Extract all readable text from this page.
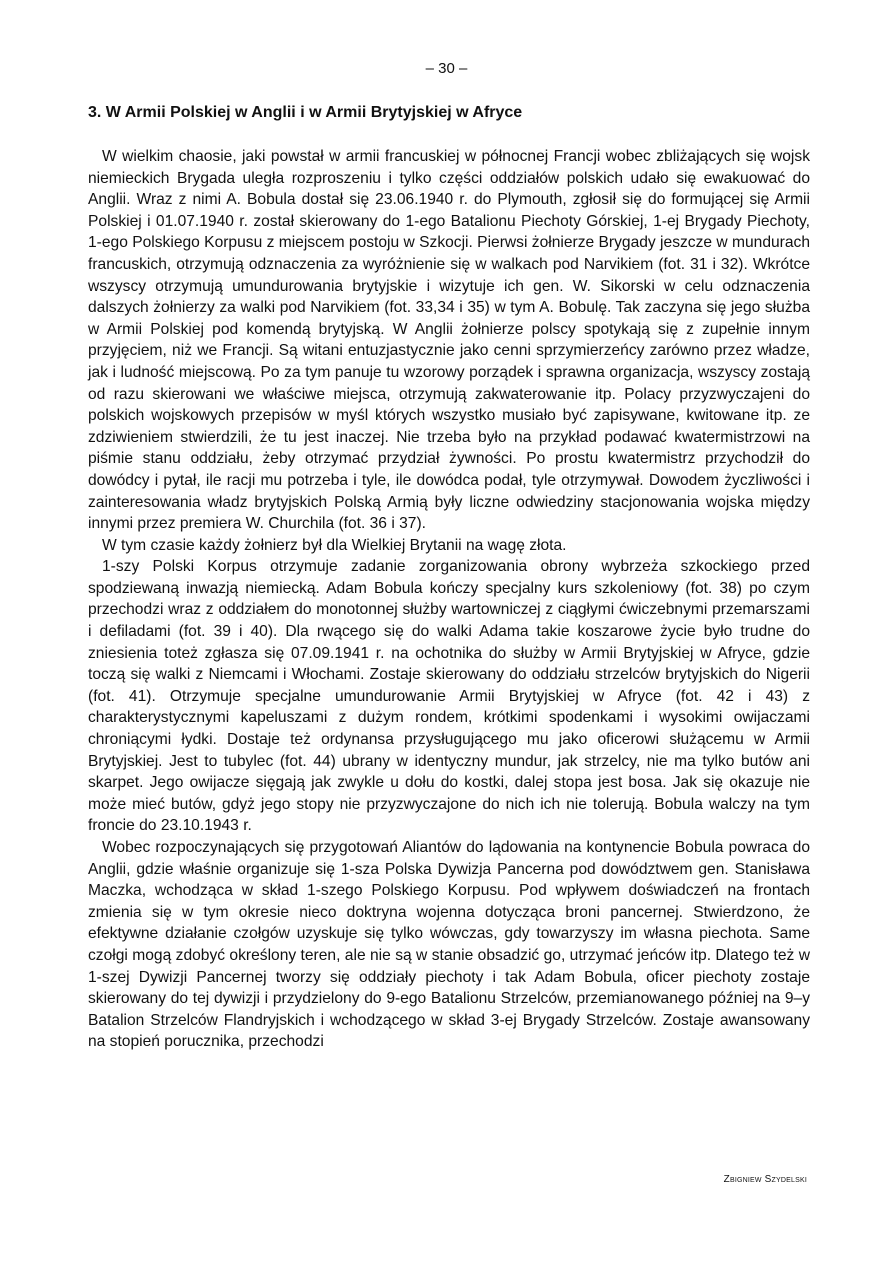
– 30 –
3. W Armii Polskiej w Anglii i w Armii Brytyjskiej w Afryce

W wielkim chaosie, jaki powstał w armii francuskiej w północnej Francji wobec zbliżających się wojsk niemieckich Brygada uległa rozproszeniu i tylko części oddziałów polskich udało się ewakuować do Anglii. Wraz z nimi A. Bobula dostał się 23.06.1940 r. do Plymouth, zgłosił się do formującej się Armii Polskiej i 01.07.1940 r. został skierowany do 1-ego Batalionu Piechoty Górskiej, 1-ej Brygady Piechoty, 1-ego Polskiego Korpusu z miejscem postoju w Szkocji. Pierwsi żołnierze Brygady jeszcze w mundurach francuskich, otrzymują odznaczenia za wyróżnienie się w walkach pod Narvikiem (fot. 31 i 32). Wkrótce wszyscy otrzymują umundurowania brytyjskie i wizytuje ich gen. W. Sikorski w celu odznaczenia dalszych żołnierzy za walki pod Narvikiem (fot. 33,34 i 35) w tym A. Bobulę. Tak zaczyna się jego służba w Armii Polskiej pod komendą brytyjską. W Anglii żołnierze polscy spotykają się z zupełnie innym przyjęciem, niż we Francji. Są witani entuzjastycznie jako cenni sprzymierzeńcy zarówno przez władze, jak i ludność miejscową. Po za tym panuje tu wzorowy porządek i sprawna organizacja, wszyscy zostają od razu skierowani we właściwe miejsca, otrzymują zakwaterowanie itp. Polacy przyzwyczajeni do polskich wojskowych przepisów w myśl których wszystko musiało być zapisywane, kwitowane itp. ze zdziwieniem stwierdzili, że tu jest inaczej. Nie trzeba było na przykład podawać kwatermistrzowi na piśmie stanu oddziału, żeby otrzymać przydział żywności. Po prostu kwatermistrz przychodził do dowódcy i pytał, ile racji mu potrzeba i tyle, ile dowódca podał, tyle otrzymywał. Dowodem życzliwości i zainteresowania władz brytyjskich Polską Armią były liczne odwiedziny stacjonowania wojska między innymi przez premiera W. Churchila (fot. 36 i 37).

W tym czasie każdy żołnierz był dla Wielkiej Brytanii na wagę złota.

1-szy Polski Korpus otrzymuje zadanie zorganizowania obrony wybrzeża szkockiego przed spodziewaną inwazją niemiecką. Adam Bobula kończy specjalny kurs szkoleniowy (fot. 38) po czym przechodzi wraz z oddziałem do monotonnej służby wartowniczej z ciągłymi ćwiczebnymi przemarszami i defiladami (fot. 39 i 40). Dla rwącego się do walki Adama takie koszarowe życie było trudne do zniesienia toteż zgłasza się 07.09.1941 r. na ochotnika do służby w Armii Brytyjskiej w Afryce, gdzie toczą się walki z Niemcami i Włochami. Zostaje skierowany do oddziału strzelców brytyjskich do Nigerii (fot. 41). Otrzymuje specjalne umundurowanie Armii Brytyjskiej w Afryce (fot. 42 i 43) z charakterystycznymi kapeluszami z dużym rondem, krótkimi spodenkami i wysokimi owijaczami chroniącymi łydki. Dostaje też ordynansa przysługującego mu jako oficerowi służącemu w Armii Brytyjskiej. Jest to tubylec (fot. 44) ubrany w identyczny mundur, jak strzelcy, nie ma tylko butów ani skarpet. Jego owijacze sięgają jak zwykle u dołu do kostki, dalej stopa jest bosa. Jak się okazuje nie może mieć butów, gdyż jego stopy nie przyzwyczajone do nich ich nie tolerują. Bobula walczy na tym froncie do 23.10.1943 r.

Wobec rozpoczynających się przygotowań Aliantów do lądowania na kontynencie Bobula powraca do Anglii, gdzie właśnie organizuje się 1-sza Polska Dywizja Pancerna pod dowództwem gen. Stanisława Maczka, wchodząca w skład 1-szego Polskiego Korpusu. Pod wpływem doświadczeń na frontach zmienia się w tym okresie nieco doktryna wojenna dotycząca broni pancernej. Stwierdzono, że efektywne działanie czołgów uzyskuje się tylko wówczas, gdy towarzyszy im własna piechota. Same czołgi mogą zdobyć określony teren, ale nie są w stanie obsadzić go, utrzymać jeńców itp. Dlatego też w 1-szej Dywizji Pancernej tworzy się oddziały piechoty i tak Adam Bobula, oficer piechoty zostaje skierowany do tej dywizji i przydzielony do 9-ego Batalionu Strzelców, przemianowanego później na 9–y Batalion Strzelców Flandryjskich i wchodzącego w skład 3-ej Brygady Strzelców. Zostaje awansowany na stopień porucznika, przechodzi

Zbigniew Szydelski
